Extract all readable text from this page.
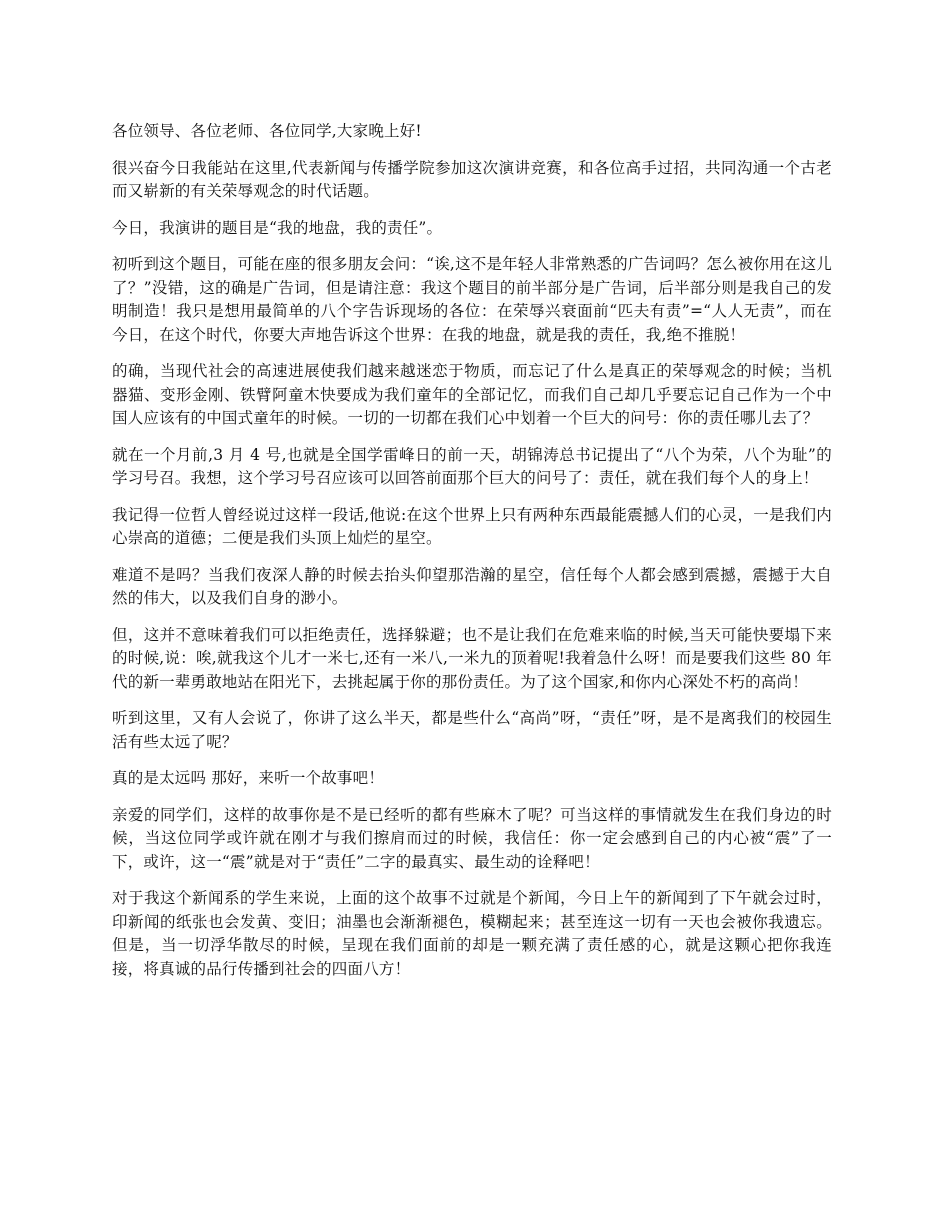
各位领导、各位老师、各位同学,大家晚上好!

很兴奋今日我能站在这里,代表新闻与传播学院参加这次演讲竞赛，和各位高手过招，共同沟通一个古老而又崭新的有关荣辱观念的时代话题。

今日，我演讲的题目是“我的地盘，我的责任”。

初听到这个题目，可能在座的很多朋友会问：“诶,这不是年轻人非常熟悉的广告词吗？怎么被你用在这儿了？”没错，这的确是广告词，但是请注意：我这个题目的前半部分是广告词，后半部分则是我自己的发明制造！我只是想用最简单的八个字告诉现场的各位：在荣辱兴衰面前“匹夫有责”=“人人无责”，而在今日，在这个时代，你要大声地告诉这个世界：在我的地盘，就是我的责任，我,绝不推脱！

的确，当现代社会的高速进展使我们越来越迷恋于物质，而忘记了什么是真正的荣辱观念的时候；当机器猫、变形金刚、铁臂阿童木快要成为我们童年的全部记忆，而我们自己却几乎要忘记自己作为一个中国人应该有的中国式童年的时候。一切的一切都在我们心中划着一个巨大的问号：你的责任哪儿去了？

就在一个月前,3 月 4 号,也就是全国学雷峰日的前一天，胡锦涛总书记提出了“八个为荣，八个为耻”的学习号召。我想，这个学习号召应该可以回答前面那个巨大的问号了：责任，就在我们每个人的身上！

我记得一位哲人曾经说过这样一段话,他说:在这个世界上只有两种东西最能震撼人们的心灵，一是我们内心崇高的道德；二便是我们头顶上灿烂的星空。

难道不是吗？当我们夜深人静的时候去抬头仰望那浩瀚的星空，信任每个人都会感到震撼，震撼于大自然的伟大，以及我们自身的渺小。

但，这并不意味着我们可以拒绝责任，选择躲避；也不是让我们在危难来临的时候,当天可能快要塌下来的时候,说：唉,就我这个儿才一米七,还有一米八,一米九的顶着呢!我着急什么呀！而是要我们这些 80 年代的新一辈勇敢地站在阳光下，去挑起属于你的那份责任。为了这个国家,和你内心深处不朽的高尚！

听到这里，又有人会说了，你讲了这么半天，都是些什么“高尚”呀，“责任”呀，是不是离我们的校园生活有些太远了呢？

真的是太远吗 那好，来听一个故事吧！

亲爱的同学们，这样的故事你是不是已经听的都有些麻木了呢？可当这样的事情就发生在我们身边的时候，当这位同学或许就在刚才与我们擦肩而过的时候，我信任：你一定会感到自己的内心被“震”了一下，或许，这一“震”就是对于“责任”二字的最真实、最生动的诠释吧！

对于我这个新闻系的学生来说，上面的这个故事不过就是个新闻，今日上午的新闻到了下午就会过时，印新闻的纸张也会发黄、变旧；油墨也会渐渐褪色，模糊起来；甚至连这一切有一天也会被你我遗忘。但是，当一切浮华散尽的时候，呈现在我们面前的却是一颗充满了责任感的心，就是这颗心把你我连接，将真诚的品行传播到社会的四面八方！
